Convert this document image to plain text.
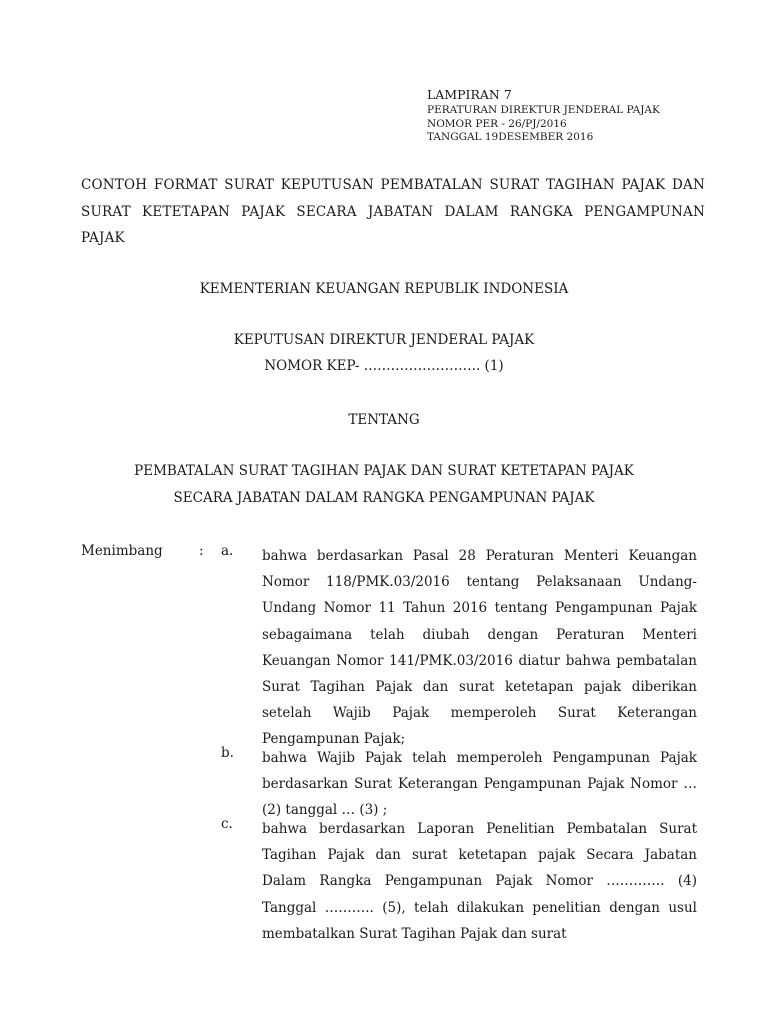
LAMPIRAN 7
PERATURAN DIREKTUR JENDERAL PAJAK
NOMOR PER - 26/PJ/2016
TANGGAL 19DESEMBER 2016
CONTOH FORMAT SURAT KEPUTUSAN PEMBATALAN SURAT TAGIHAN PAJAK DAN SURAT KETETAPAN PAJAK SECARA JABATAN DALAM RANGKA PENGAMPUNAN PAJAK
KEMENTERIAN KEUANGAN REPUBLIK INDONESIA
KEPUTUSAN DIREKTUR JENDERAL PAJAK
NOMOR KEP- …………………….. (1)
TENTANG
PEMBATALAN SURAT TAGIHAN PAJAK DAN SURAT KETETAPAN PAJAK
SECARA JABATAN DALAM RANGKA PENGAMPUNAN PAJAK
Menimbang	: a. bahwa berdasarkan Pasal 28 Peraturan Menteri Keuangan Nomor 118/PMK.03/2016 tentang Pelaksanaan Undang-Undang Nomor 11 Tahun 2016 tentang Pengampunan Pajak sebagaimana telah diubah dengan Peraturan Menteri Keuangan Nomor 141/PMK.03/2016 diatur bahwa pembatalan Surat Tagihan Pajak dan surat ketetapan pajak diberikan setelah Wajib Pajak memperoleh Surat Keterangan Pengampunan Pajak;
b. bahwa Wajib Pajak telah memperoleh Pengampunan Pajak berdasarkan Surat Keterangan Pengampunan Pajak Nomor … (2) tanggal … (3) ;
c. bahwa berdasarkan Laporan Penelitian Pembatalan Surat Tagihan Pajak dan surat ketetapan pajak Secara Jabatan Dalam Rangka Pengampunan Pajak Nomor …………. (4) Tanggal ……….. (5), telah dilakukan penelitian dengan usul membatalkan Surat Tagihan Pajak dan surat
